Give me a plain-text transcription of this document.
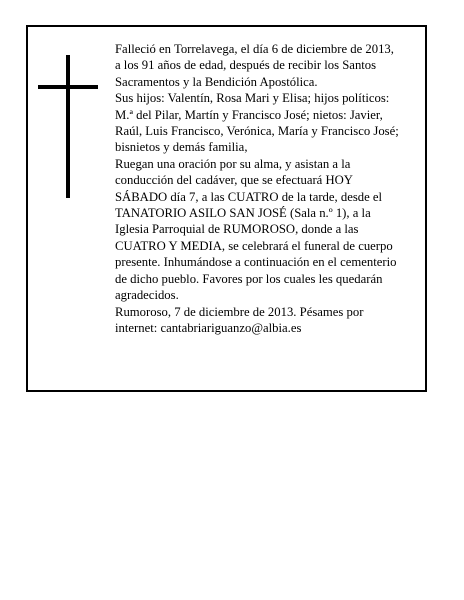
Falleció en Torrelavega, el día 6 de diciembre de 2013,
a los 91 años de edad, después de recibir los Santos
Sacramentos y la Bendición Apostólica.

Sus hijos: Valentín, Rosa Mari y Elisa; hijos políticos:
M.ª del Pilar, Martín y Francisco José; nietos: Javier,
Raúl, Luis Francisco, Verónica, María y Francisco José;
bisnietos y demás familia,

Ruegan una oración por su alma, y asistan a la
conducción del cadáver, que se efectuará HOY
SÁBADO día 7, a las CUATRO de la tarde, desde el
TANATORIO ASILO SAN JOSÉ (Sala n.º 1), a la
Iglesia Parroquial de RUMOROSO, donde a las
CUATRO Y MEDIA, se celebrará el funeral de cuerpo
presente. Inhumándose a continuación en el cementerio
de dicho pueblo. Favores por los cuales les quedarán
agradecidos.

Rumoroso, 7 de diciembre de 2013. Pésames por
internet: cantabriariguanzo@albia.es
